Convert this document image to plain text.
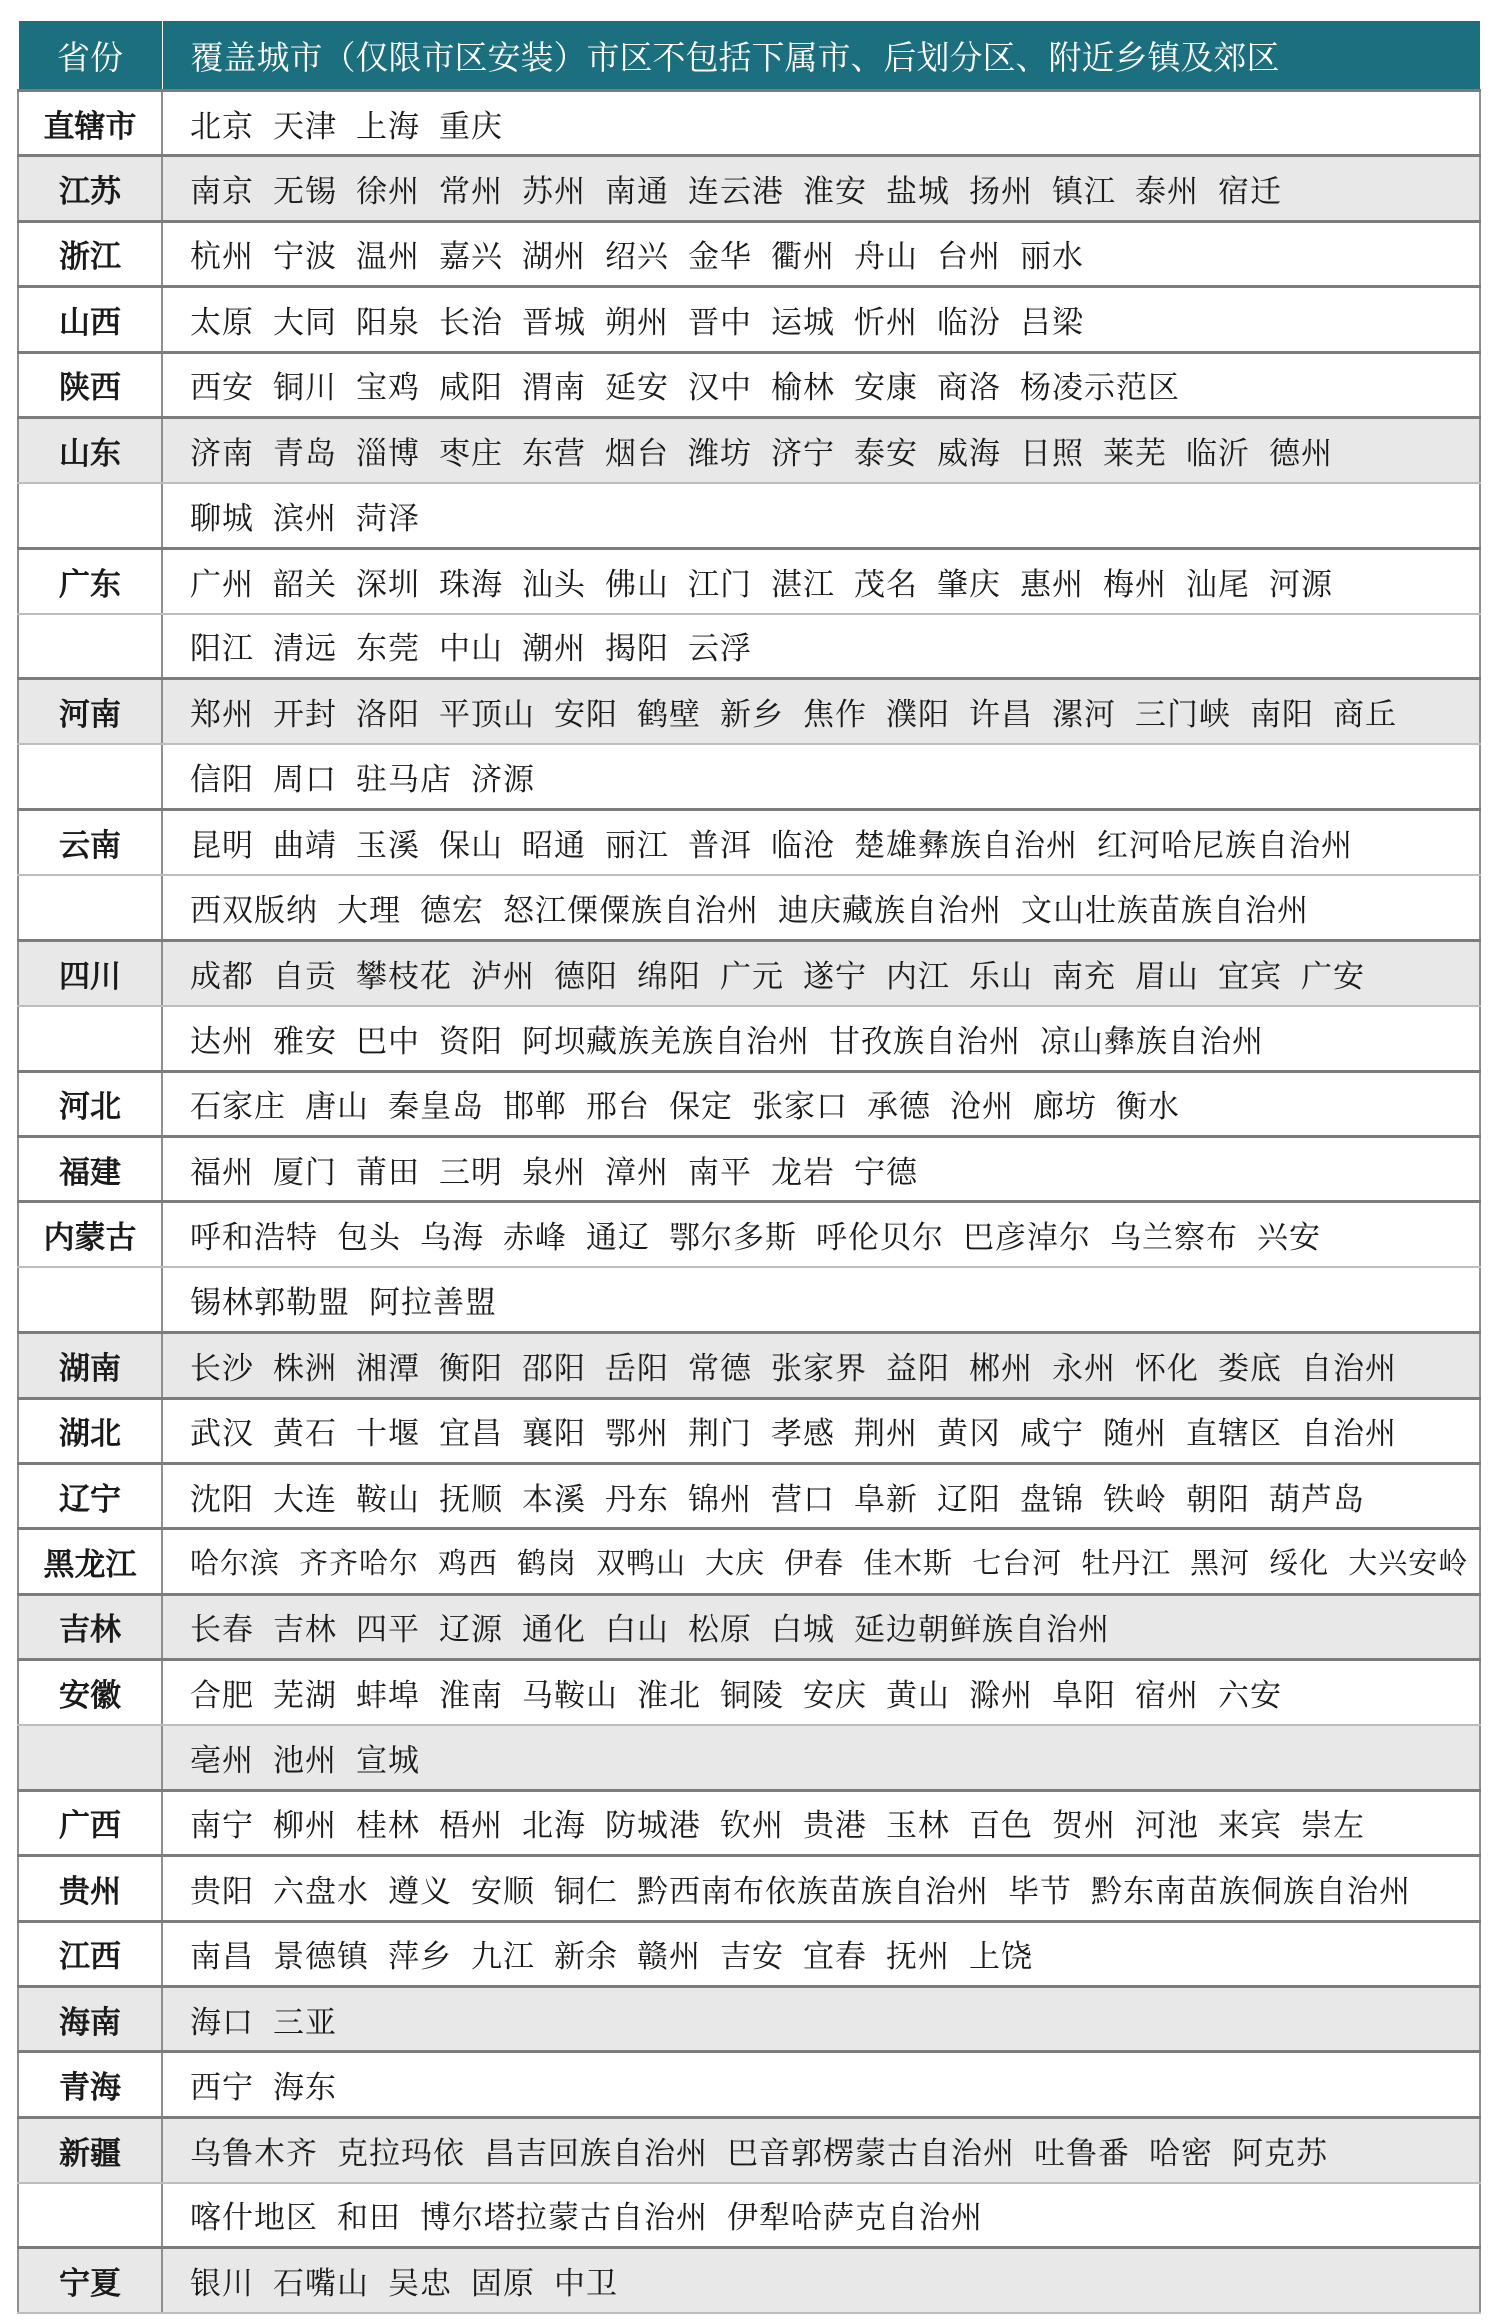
省份	覆盖城市（仅限市区安装）市区不包括下属市、后划分区、附近乡镇及郊区
直辖市	北京 天津 上海 重庆
江苏	南京 无锡 徐州 常州 苏州 南通 连云港 淮安 盐城 扬州 镇江 泰州 宿迁
浙江	杭州 宁波 温州 嘉兴 湖州 绍兴 金华 衢州 舟山 台州 丽水
山西	太原 大同 阳泉 长治 晋城 朔州 晋中 运城 忻州 临汾 吕梁
陕西	西安 铜川 宝鸡 咸阳 渭南 延安 汉中 榆林 安康 商洛 杨凌示范区
山东	济南 青岛 淄博 枣庄 东营 烟台 潍坊 济宁 泰安 威海 日照 莱芜 临沂 德州
	聊城 滨州 菏泽
广东	广州 韶关 深圳 珠海 汕头 佛山 江门 湛江 茂名 肇庆 惠州 梅州 汕尾 河源
	阳江 清远 东莞 中山 潮州 揭阳 云浮
河南	郑州 开封 洛阳 平顶山 安阳 鹤壁 新乡 焦作 濮阳 许昌 漯河 三门峡 南阳 商丘
	信阳 周口 驻马店 济源
云南	昆明 曲靖 玉溪 保山 昭通 丽江 普洱 临沧 楚雄彝族自治州 红河哈尼族自治州
	西双版纳 大理 德宏 怒江傈僳族自治州 迪庆藏族自治州 文山壮族苗族自治州
四川	成都 自贡 攀枝花 泸州 德阳 绵阳 广元 遂宁 内江 乐山 南充 眉山 宜宾 广安
	达州 雅安 巴中 资阳 阿坝藏族羌族自治州 甘孜族自治州 凉山彝族自治州
河北	石家庄 唐山 秦皇岛 邯郸 邢台 保定 张家口 承德 沧州 廊坊 衡水
福建	福州 厦门 莆田 三明 泉州 漳州 南平 龙岩 宁德
内蒙古	呼和浩特 包头 乌海 赤峰 通辽 鄂尔多斯 呼伦贝尔 巴彦淖尔 乌兰察布 兴安
	锡林郭勒盟 阿拉善盟
湖南	长沙 株洲 湘潭 衡阳 邵阳 岳阳 常德 张家界 益阳 郴州 永州 怀化 娄底 自治州
湖北	武汉 黄石 十堰 宜昌 襄阳 鄂州 荆门 孝感 荆州 黄冈 咸宁 随州 直辖区 自治州
辽宁	沈阳 大连 鞍山 抚顺 本溪 丹东 锦州 营口 阜新 辽阳 盘锦 铁岭 朝阳 葫芦岛
黑龙江	哈尔滨 齐齐哈尔 鸡西 鹤岗 双鸭山 大庆 伊春 佳木斯 七台河 牡丹江 黑河 绥化 大兴安岭
吉林	长春 吉林 四平 辽源 通化 白山 松原 白城 延边朝鲜族自治州
安徽	合肥 芜湖 蚌埠 淮南 马鞍山 淮北 铜陵 安庆 黄山 滁州 阜阳 宿州 六安
	亳州 池州 宣城
广西	南宁 柳州 桂林 梧州 北海 防城港 钦州 贵港 玉林 百色 贺州 河池 来宾 崇左
贵州	贵阳 六盘水 遵义 安顺 铜仁 黔西南布依族苗族自治州 毕节 黔东南苗族侗族自治州
江西	南昌 景德镇 萍乡 九江 新余 赣州 吉安 宜春 抚州 上饶
海南	海口 三亚
青海	西宁 海东
新疆	乌鲁木齐 克拉玛依 昌吉回族自治州 巴音郭楞蒙古自治州 吐鲁番 哈密 阿克苏
	喀什地区 和田 博尔塔拉蒙古自治州 伊犁哈萨克自治州
宁夏	银川 石嘴山 吴忠 固原 中卫
